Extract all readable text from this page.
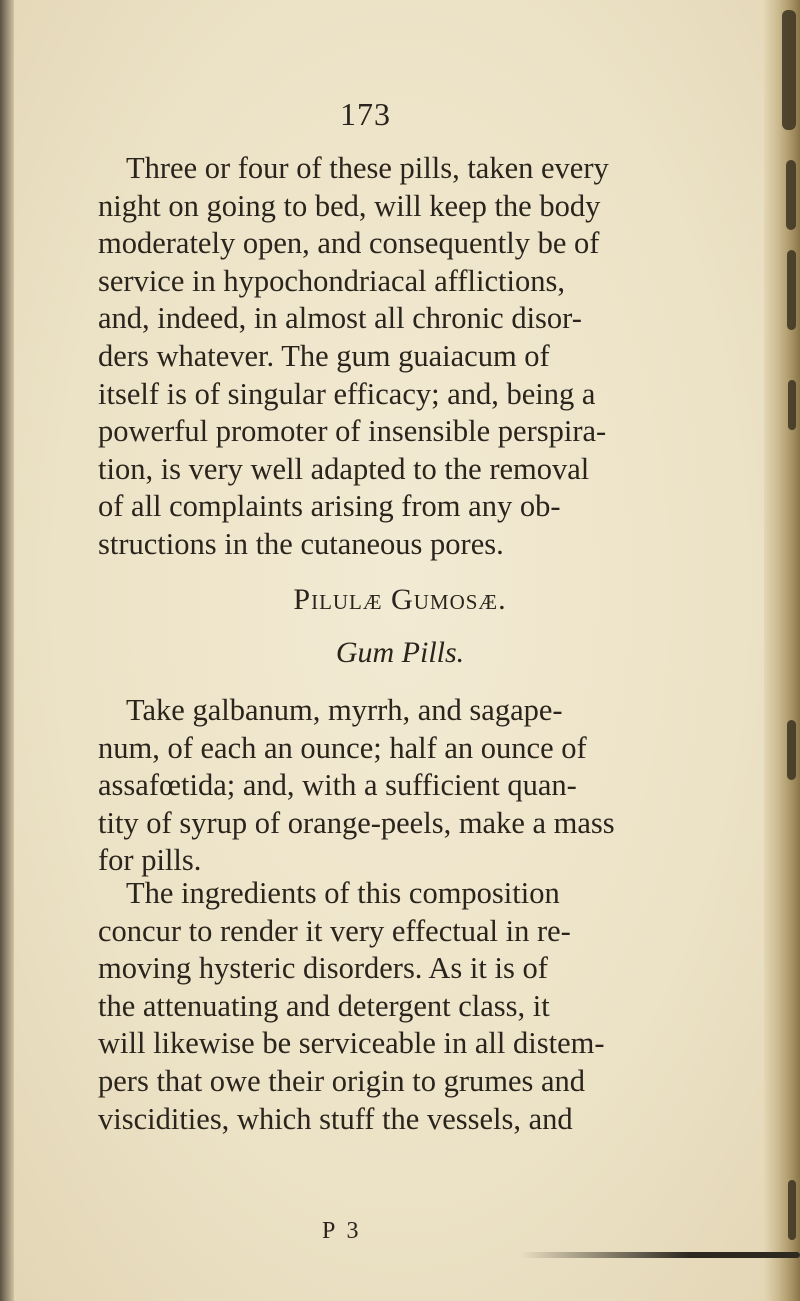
173
Three or four of these pills, taken every
night on going to bed, will keep the body
moderately open, and consequently be of
service in hypochondriacal afflictions,
and, indeed, in almost all chronic disor-
ders whatever. The gum guaiacum of
itself is of singular efficacy; and, being a
powerful promoter of insensible perspira-
tion, is very well adapted to the removal
of all complaints arising from any ob-
structions in the cutaneous pores.
Pilulæ Gumosæ.
Gum Pills.
Take galbanum, myrrh, and sagape-
num, of each an ounce; half an ounce of
assafœtida; and, with a sufficient quan-
tity of syrup of orange-peels, make a mass
for pills.
The ingredients of this composition
concur to render it very effectual in re-
moving hysteric disorders. As it is of
the attenuating and detergent class, it
will likewise be serviceable in all distem-
pers that owe their origin to grumes and
viscidities, which stuff the vessels, and
P 3
